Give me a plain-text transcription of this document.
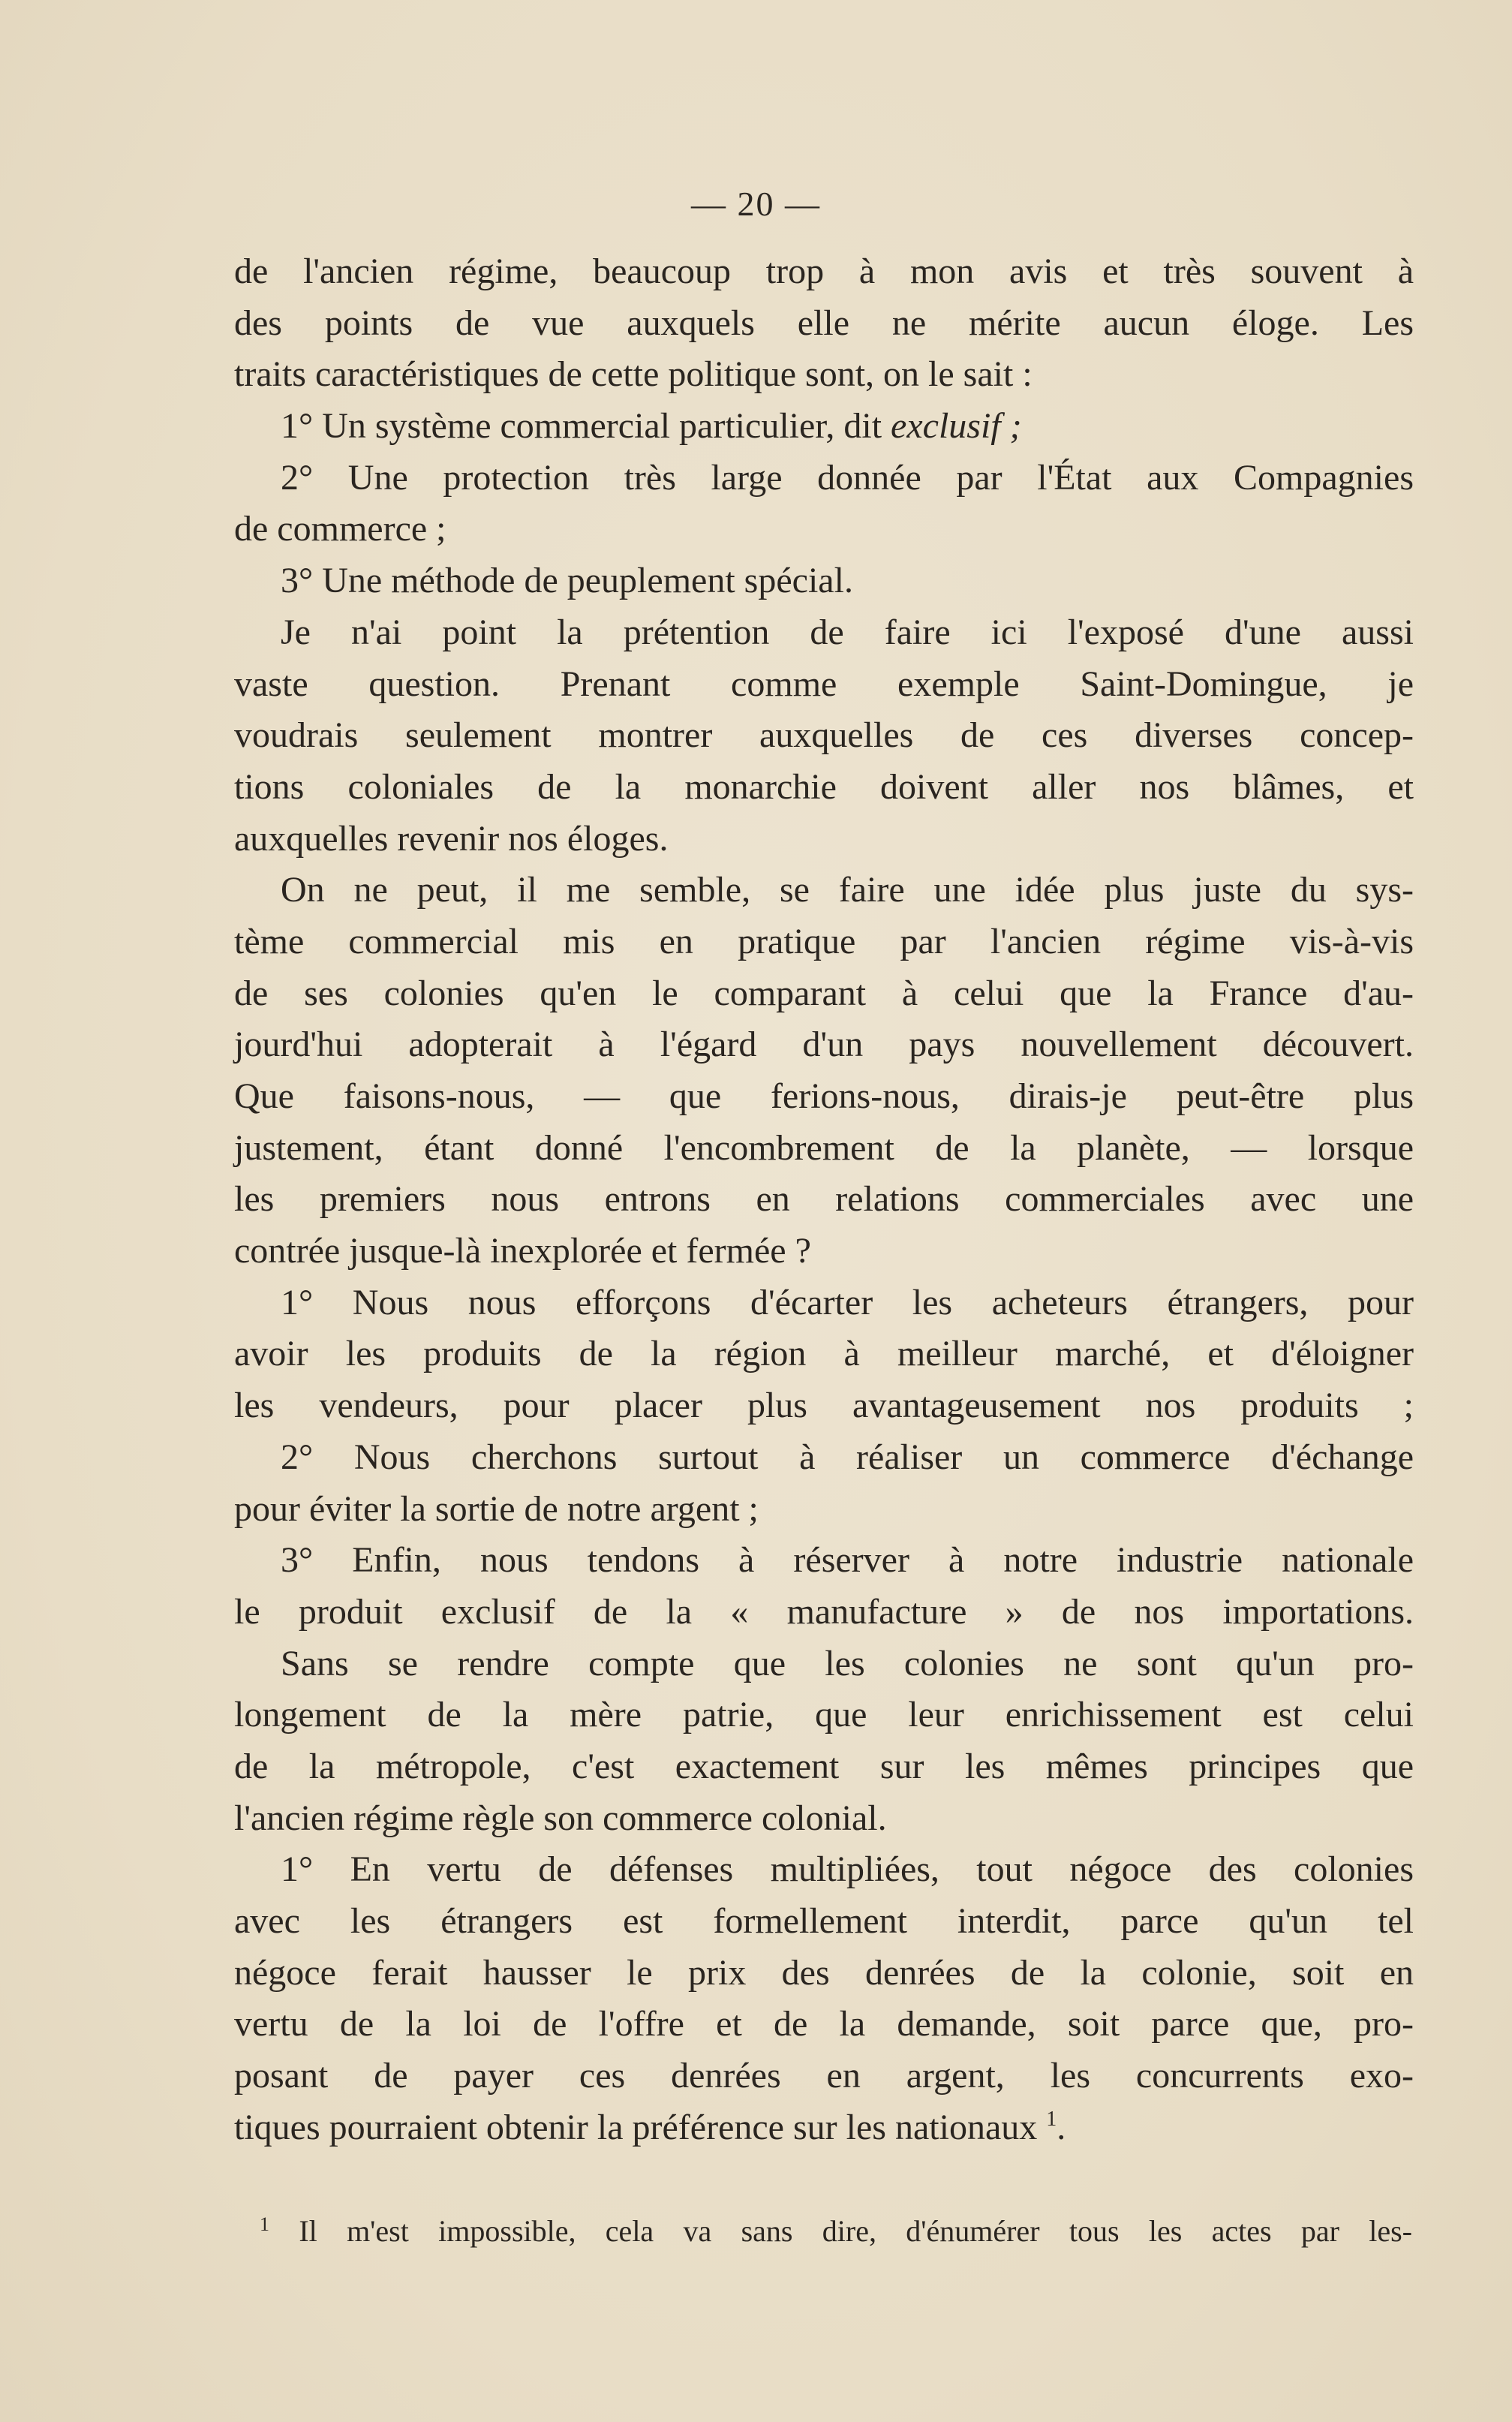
— 20 —
de l'ancien régime, beaucoup trop à mon avis et très souvent à
des points de vue auxquels elle ne mérite aucun éloge. Les
traits caractéristiques de cette politique sont, on le sait :
1° Un système commercial particulier, dit exclusif ;
2° Une protection très large donnée par l'État aux Compagnies
de commerce ;
3° Une méthode de peuplement spécial.
Je n'ai point la prétention de faire ici l'exposé d'une aussi
vaste question. Prenant comme exemple Saint-Domingue, je
voudrais seulement montrer auxquelles de ces diverses concep-
tions coloniales de la monarchie doivent aller nos blâmes, et
auxquelles revenir nos éloges.
On ne peut, il me semble, se faire une idée plus juste du sys-
tème commercial mis en pratique par l'ancien régime vis-à-vis
de ses colonies qu'en le comparant à celui que la France d'au-
jourd'hui adopterait à l'égard d'un pays nouvellement découvert.
Que faisons-nous, — que ferions-nous, dirais-je peut-être plus
justement, étant donné l'encombrement de la planète, — lorsque
les premiers nous entrons en relations commerciales avec une
contrée jusque-là inexplorée et fermée ?
1° Nous nous efforçons d'écarter les acheteurs étrangers, pour
avoir les produits de la région à meilleur marché, et d'éloigner
les vendeurs, pour placer plus avantageusement nos produits ;
2° Nous cherchons surtout à réaliser un commerce d'échange
pour éviter la sortie de notre argent ;
3° Enfin, nous tendons à réserver à notre industrie nationale
le produit exclusif de la « manufacture » de nos importations.
Sans se rendre compte que les colonies ne sont qu'un pro-
longement de la mère patrie, que leur enrichissement est celui
de la métropole, c'est exactement sur les mêmes principes que
l'ancien régime règle son commerce colonial.
1° En vertu de défenses multipliées, tout négoce des colonies
avec les étrangers est formellement interdit, parce qu'un tel
négoce ferait hausser le prix des denrées de la colonie, soit en
vertu de la loi de l'offre et de la demande, soit parce que, pro-
posant de payer ces denrées en argent, les concurrents exo-
tiques pourraient obtenir la préférence sur les nationaux $^1$.
$^1$ Il m'est impossible, cela va sans dire, d'énumérer tous les actes par les-
